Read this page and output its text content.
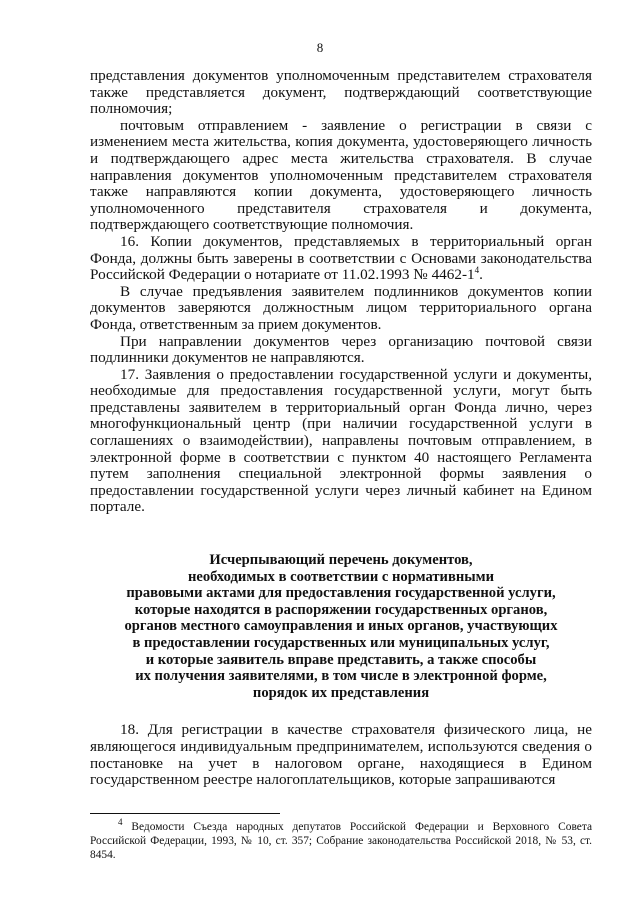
8

представления документов уполномоченным представителем страхователя также представляется документ, подтверждающий соответствующие полномочия;

почтовым отправлением - заявление о регистрации в связи с изменением места жительства, копия документа, удостоверяющего личность и подтверждающего адрес места жительства страхователя. В случае направления документов уполномоченным представителем страхователя также направляются копии документа, удостоверяющего личность уполномоченного представителя страхователя и документа, подтверждающего соответствующие полномочия.

16. Копии документов, представляемых в территориальный орган Фонда, должны быть заверены в соответствии с Основами законодательства Российской Федерации о нотариате от 11.02.1993 № $4462-1^4$.

В случае предъявления заявителем подлинников документов копии документов заверяются должностным лицом территориального органа Фонда, ответственным за прием документов.

При направлении документов через организацию почтовой связи подлинники документов не направляются.

17. Заявления о предоставлении государственной услуги и документы, необходимые для предоставления государственной услуги, могут быть представлены заявителем в территориальный орган Фонда лично, через многофункциональный центр (при наличии государственной услуги в соглашениях о взаимодействии), направлены почтовым отправлением, в электронной форме в соответствии с пунктом 40 настоящего Регламента путем заполнения специальной электронной формы заявления о предоставлении государственной услуги через личный кабинет на Едином портале.

Исчерпывающий перечень документов,
необходимых в соответствии с нормативными
правовыми актами для предоставления государственной услуги,
которые находятся в распоряжении государственных органов,
органов местного самоуправления и иных органов, участвующих
в предоставлении государственных или муниципальных услуг,
и которые заявитель вправе представить, а также способы
их получения заявителями, в том числе в электронной форме,
порядок их представления

18. Для регистрации в качестве страхователя физического лица, не являющегося индивидуальным предпринимателем, используются сведения о постановке на учет в налоговом органе, находящиеся в Едином государственном реестре налогоплательщиков, которые запрашиваются

$^4$ Ведомости Съезда народных депутатов Российской Федерации и Верховного Совета Российской Федерации, 1993, № 10, ст. 357; Собрание законодательства Российской 2018, № 53, ст. 8454.
